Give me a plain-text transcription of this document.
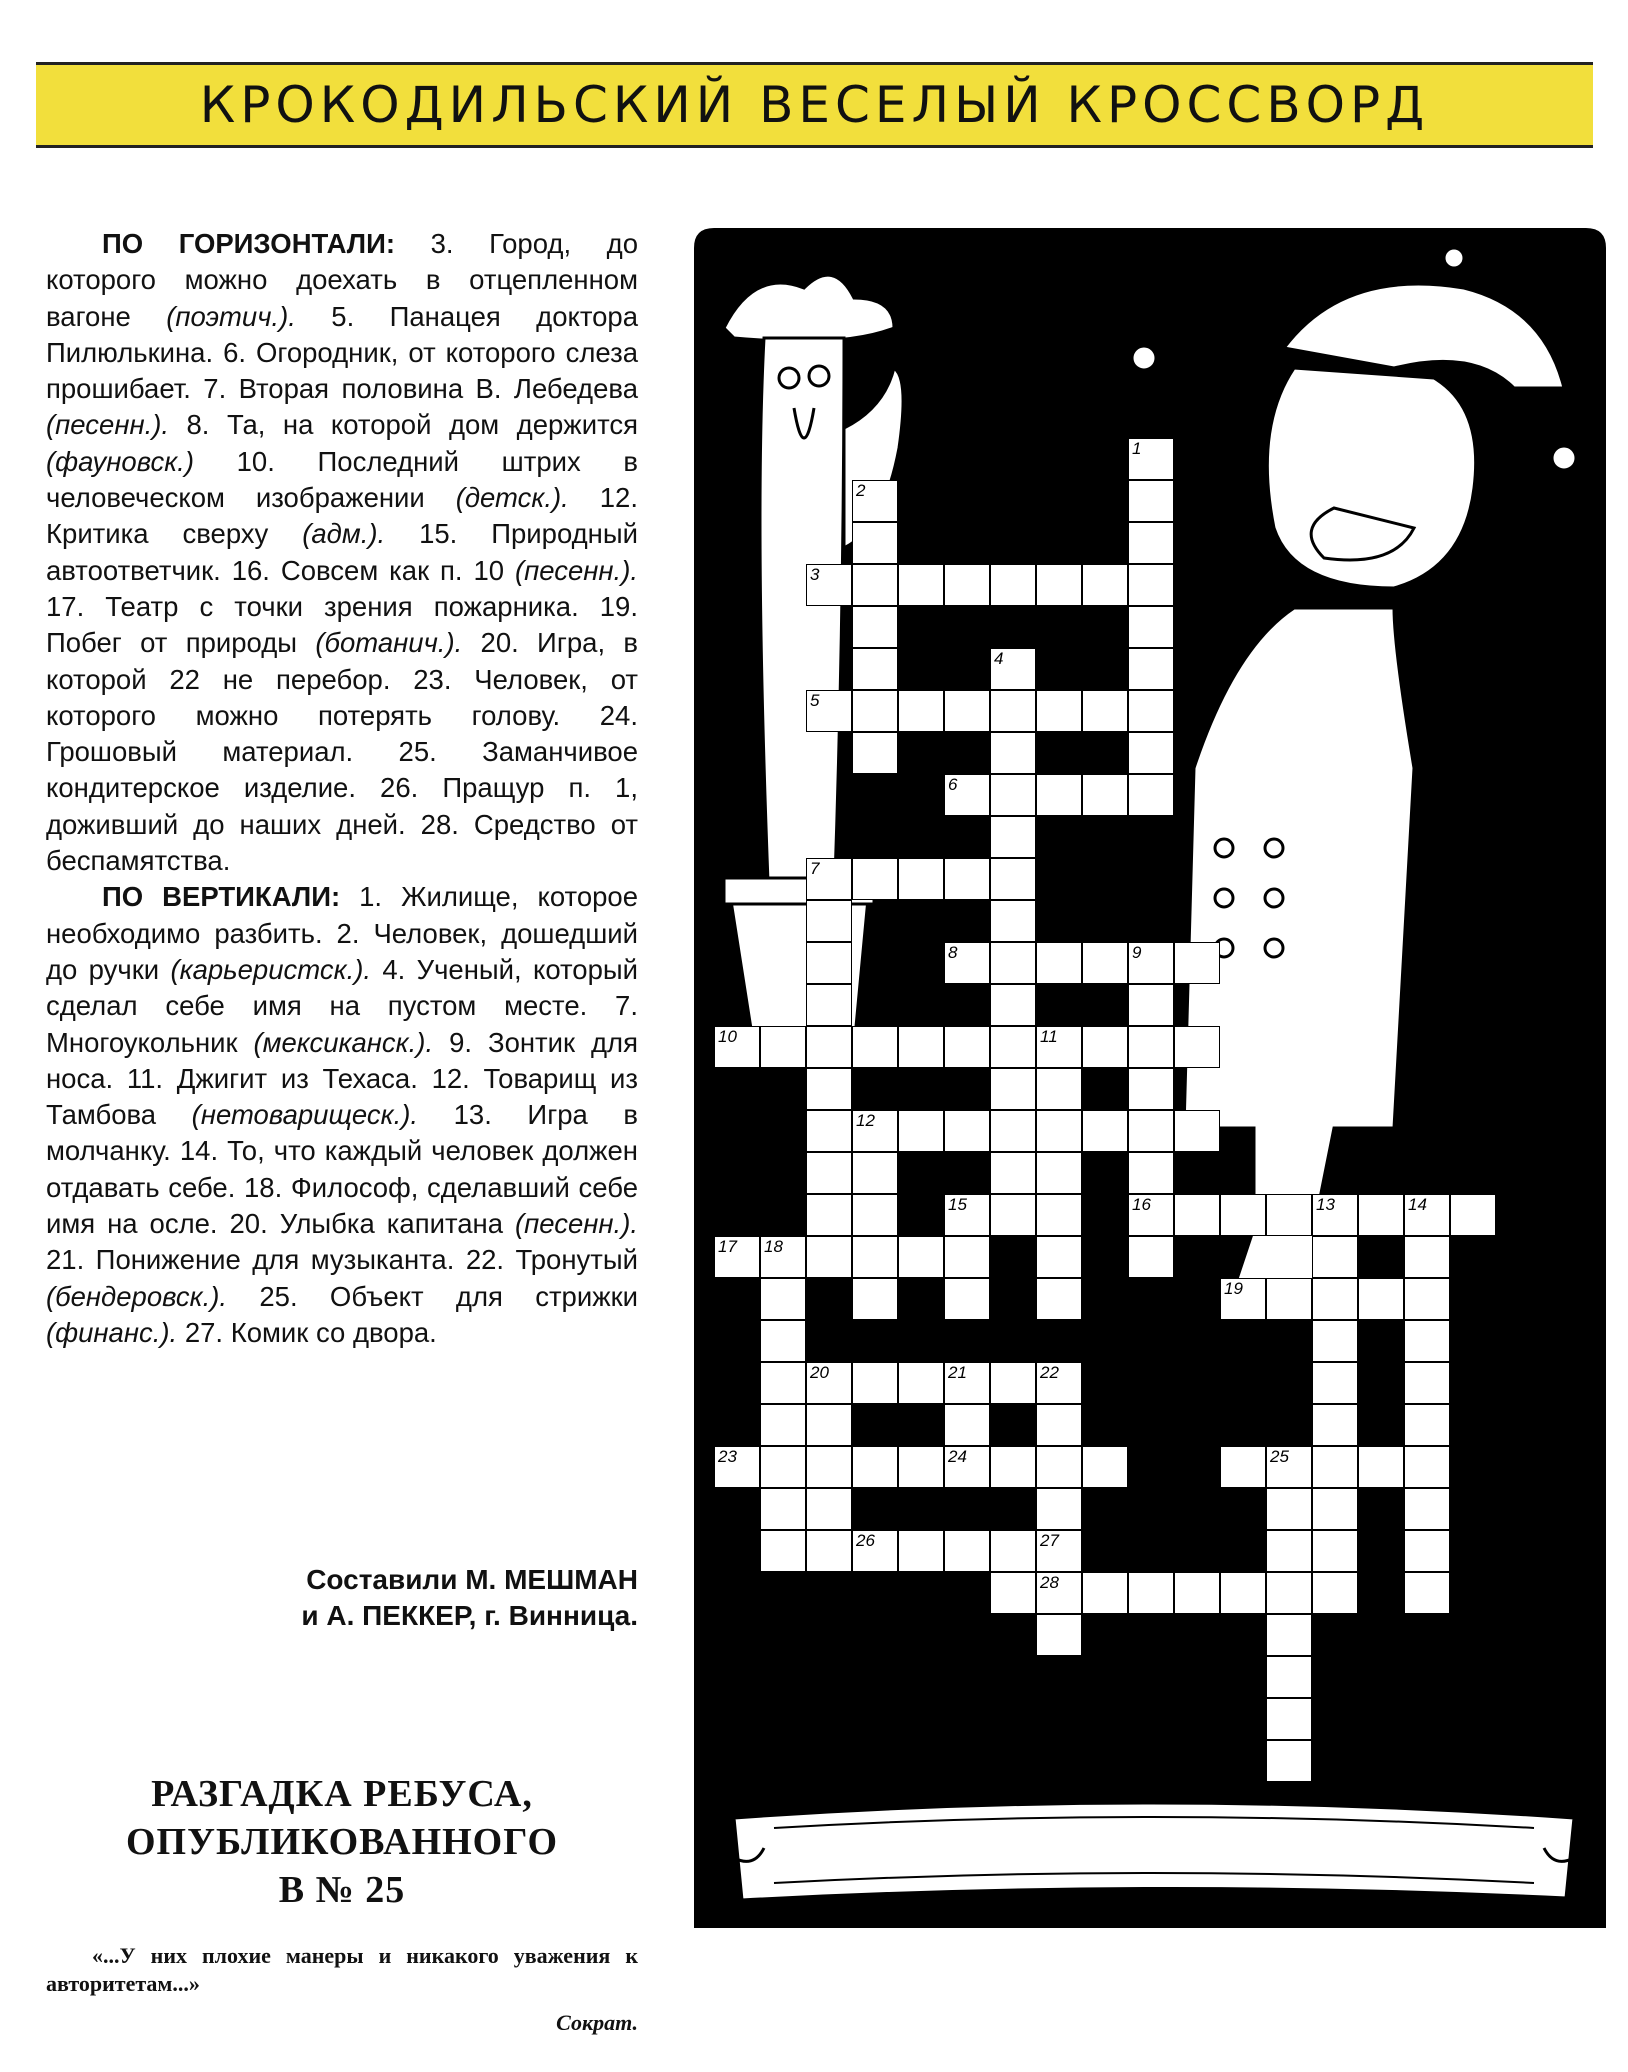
КРОКОДИЛЬСКИЙ ВЕСЕЛЫЙ КРОССВОРД

ПО ГОРИЗОНТАЛИ: 3. Город, до которого можно доехать в отцепленном вагоне (поэтич.). 5. Панацея доктора Пилюлькина. 6. Огородник, от которого слеза прошибает. 7. Вторая половина В. Лебедева (песенн.). 8. Та, на которой дом держится (фауновск.) 10. Последний штрих в человеческом изображении (детск.). 12. Критика сверху (адм.). 15. Природный автоответчик. 16. Совсем как п. 10 (песенн.). 17. Театр с точки зрения пожарника. 19. Побег от природы (ботанич.). 20. Игра, в которой 22 не перебор. 23. Человек, от которого можно потерять голову. 24. Грошовый материал. 25. Заманчивое кондитерское изделие. 26. Пращур п. 1, доживший до наших дней. 28. Средство от беспамятства.

ПО ВЕРТИКАЛИ: 1. Жилище, которое необходимо разбить. 2. Человек, дошедший до ручки (карьеристск.). 4. Ученый, который сделал себе имя на пустом месте. 7. Многоукольник (мексиканск.). 9. Зонтик для носа. 11. Джигит из Техаса. 12. Товарищ из Тамбова (нетоварищеск.). 13. Игра в молчанку. 14. То, что каждый человек должен отдавать себе. 18. Философ, сделавший себе имя на осле. 20. Улыбка капитана (песенн.). 21. Понижение для музыканта. 22. Тронутый (бендеровск.). 25. Объект для стрижки (финанс.). 27. Комик со двора.

Составили М. МЕШМАН
и А. ПЕККЕР, г. Винница.
РАЗГАДКА РЕБУСА,
ОПУБЛИКОВАННОГО
В № 25
«...У них плохие манеры и никакого уважения к авторитетам...»
Сократ.
3
5
6
7
8	9
10	11
12
16	13	14
17 18
19
20	21	22
23	24	25
26
28
1
2
4
15
27
